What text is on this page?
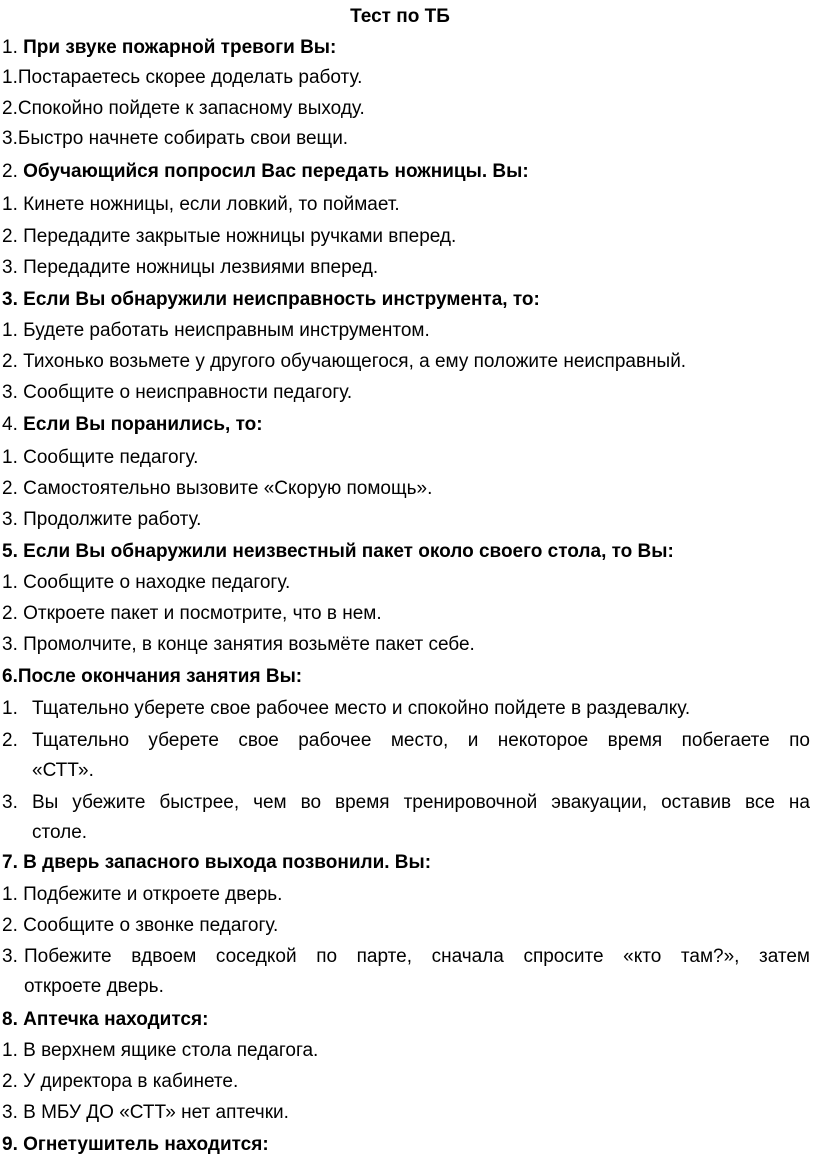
Тест по ТБ
1. При звуке пожарной тревоги Вы:
1.Постараетесь скорее доделать работу.
2.Спокойно пойдете к запасному выходу.
3.Быстро начнете собирать свои вещи.
2. Обучающийся попросил Вас передать ножницы. Вы:
1. Кинете ножницы, если ловкий, то поймает.
2. Передадите закрытые ножницы ручками вперед.
3. Передадите ножницы лезвиями вперед.
3. Если Вы обнаружили неисправность инструмента, то:
1. Будете работать неисправным инструментом.
2. Тихонько возьмете у другого обучающегося, а ему положите неисправный.
3. Сообщите о неисправности педагогу.
4. Если Вы поранились, то:
1. Сообщите педагогу.
2. Самостоятельно вызовите «Скорую помощь».
3. Продолжите работу.
5. Если Вы обнаружили неизвестный пакет около своего стола, то Вы:
1. Сообщите о находке педагогу.
2. Откроете пакет и посмотрите, что в нем.
3. Промолчите, в конце занятия возьмёте пакет себе.
6.После окончания занятия Вы:
1. Тщательно уберете свое рабочее место и спокойно пойдете в раздевалку.
2. Тщательно уберете свое рабочее место, и некоторое время побегаете по
«СТТ».
3. Вы убежите быстрее, чем во время тренировочной эвакуации, оставив все на
столе.
7. В дверь запасного выхода позвонили. Вы:
1. Подбежите и откроете дверь.
2. Сообщите о звонке педагогу.
3. Побежите вдвоем соседкой по парте, сначала спросите «кто там?», затем
откроете дверь.
8. Аптечка находится:
1. В верхнем ящике стола педагога.
2. У директора в кабинете.
3. В МБУ ДО «СТТ» нет аптечки.
9. Огнетушитель находится:
